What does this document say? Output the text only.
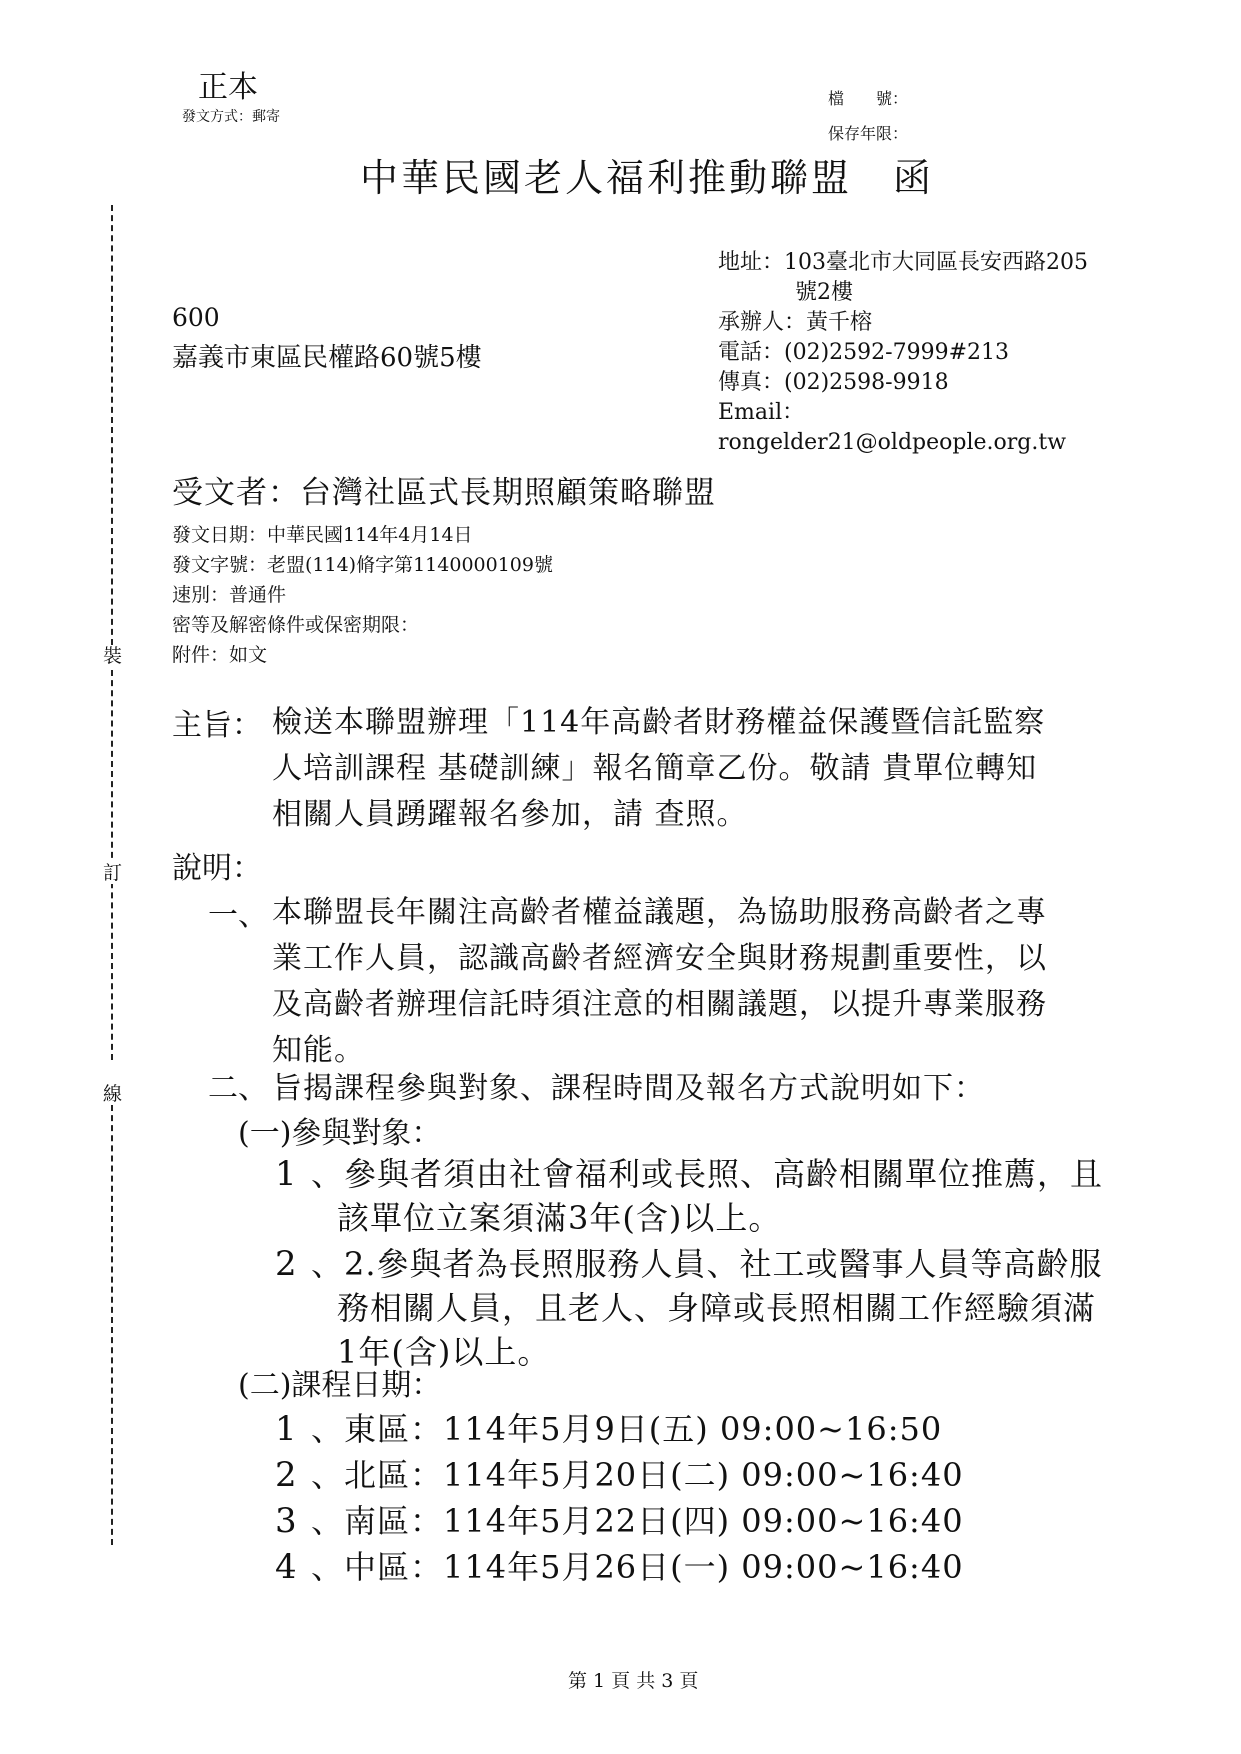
裝
訂
線
正本
發文方式：郵寄
檔　　號：
保存年限：
中華民國老人福利推動聯盟　函
600
嘉義市東區民權路60號5樓
地址：103臺北市大同區長安西路205
號2樓
承辦人：黃千榕
電話：(02)2592-7999#213
傳真：(02)2598-9918
Email：
rongelder21@oldpeople.org.tw
受文者：台灣社區式長期照顧策略聯盟
發文日期：中華民國114年4月14日
發文字號：老盟(114)脩字第1140000109號
速別：普通件
密等及解密條件或保密期限：
附件：如文
主旨： 檢送本聯盟辦理「114年高齡者財務權益保護暨信託監察
人培訓課程 基礎訓練」報名簡章乙份。敬請 貴單位轉知
相關人員踴躍報名參加，請 查照。
說明：
一、 本聯盟長年關注高齡者權益議題，為協助服務高齡者之專
業工作人員，認識高齡者經濟安全與財務規劃重要性，以
及高齡者辦理信託時須注意的相關議題，以提升專業服務
知能。
二、 旨揭課程參與對象、課程時間及報名方式說明如下：
(一)參與對象：
1 、參與者須由社會福利或長照、高齡相關單位推薦，且
該單位立案須滿3年(含)以上。
2 、2.參與者為長照服務人員、社工或醫事人員等高齡服
務相關人員，且老人、身障或長照相關工作經驗須滿
1年(含)以上。
(二)課程日期：
1 、東區：114年5月9日(五) 09:00~16:50
2 、北區：114年5月20日(二) 09:00~16:40
3 、南區：114年5月22日(四) 09:00~16:40
4 、中區：114年5月26日(一) 09:00~16:40
第 1 頁 共 3 頁
